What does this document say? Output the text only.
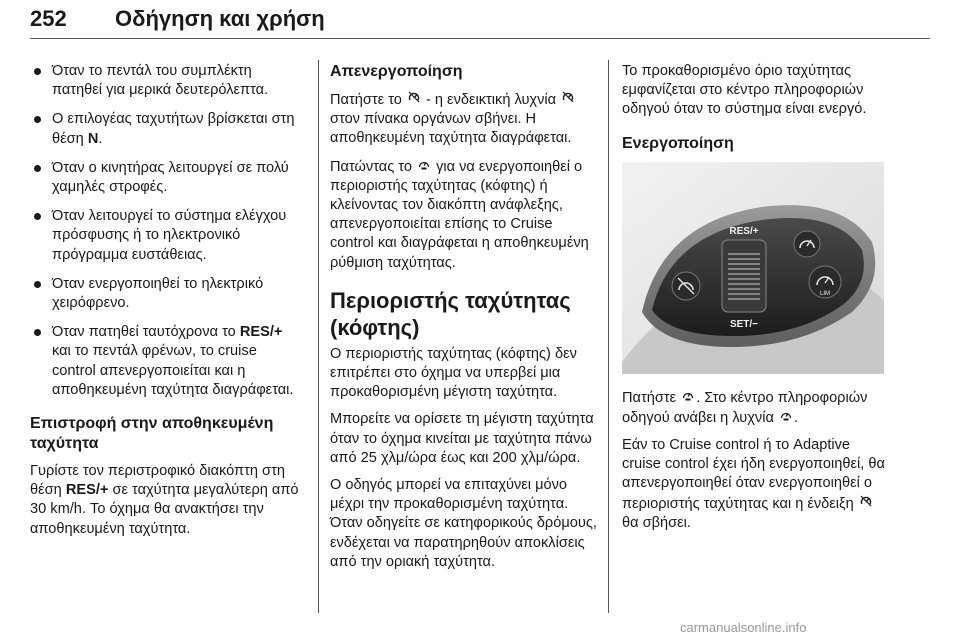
252 Οδήγηση και χρήση
Όταν το πεντάλ του συμπλέκτη πατηθεί για μερικά δευτερόλεπτα.
Ο επιλογέας ταχυτήτων βρίσκεται στη θέση N.
Όταν ο κινητήρας λειτουργεί σε πολύ χαμηλές στροφές.
Όταν λειτουργεί το σύστημα ελέγχου πρόσφυσης ή το ηλεκτρονικό πρόγραμμα ευστάθειας.
Όταν ενεργοποιηθεί το ηλεκτρικό χειρόφρενο.
Όταν πατηθεί ταυτόχρονα το RES/+ και το πεντάλ φρένων, το cruise control απενεργοποιείται και η αποθηκευμένη ταχύτητα διαγράφεται.
Επιστροφή στην αποθηκευμένη ταχύτητα

Γυρίστε τον περιστροφικό διακόπτη στη θέση RES/+ σε ταχύτητα μεγαλύτερη από 30 km/h. Το όχημα θα ανακτήσει την αποθηκευμένη ταχύτητα.

Απενεργοποίηση

Πατήστε το  - η ενδεικτική λυχνία  στον πίνακα οργάνων σβήνει. Η αποθηκευμένη ταχύτητα διαγράφεται.

Πατώντας το  για να ενεργοποιηθεί ο περιοριστής ταχύτητας (κόφτης) ή κλείνοντας τον διακόπτη ανάφλεξης, απενεργοποιείται επίσης το Cruise control και διαγράφεται η αποθηκευμένη ρύθμιση ταχύτητας.

Περιοριστής ταχύτητας (κόφτης)

Ο περιοριστής ταχύτητας (κόφτης) δεν επιτρέπει στο όχημα να υπερβεί μια προκαθορισμένη μέγιστη ταχύτητα.

Μπορείτε να ορίσετε τη μέγιστη ταχύτητα όταν το όχημα κινείται με ταχύτητα πάνω από 25 χλμ/ώρα έως και 200 χλμ/ώρα.

Ο οδηγός μπορεί να επιταχύνει μόνο μέχρι την προκαθορισμένη ταχύτητα. Όταν οδηγείτε σε κατηφορικούς δρόμους, ενδέχεται να παρατηρηθούν αποκλίσεις από την οριακή ταχύτητα.

Το προκαθορισμένο όριο ταχύτητας εμφανίζεται στο κέντρο πληροφοριών οδηγού όταν το σύστημα είναι ενεργό.

Ενεργοποίηση
RES/+
SET/−
LIM

Πατήστε . Στο κέντρο πληροφοριών οδηγού ανάβει η λυχνία .

Εάν το Cruise control ή το Adaptive cruise control έχει ήδη ενεργοποιηθεί, θα απενεργοποιηθεί όταν ενεργοποιηθεί ο περιοριστής ταχύτητας και η ένδειξη  θα σβήσει.

carmanualsonline.info
